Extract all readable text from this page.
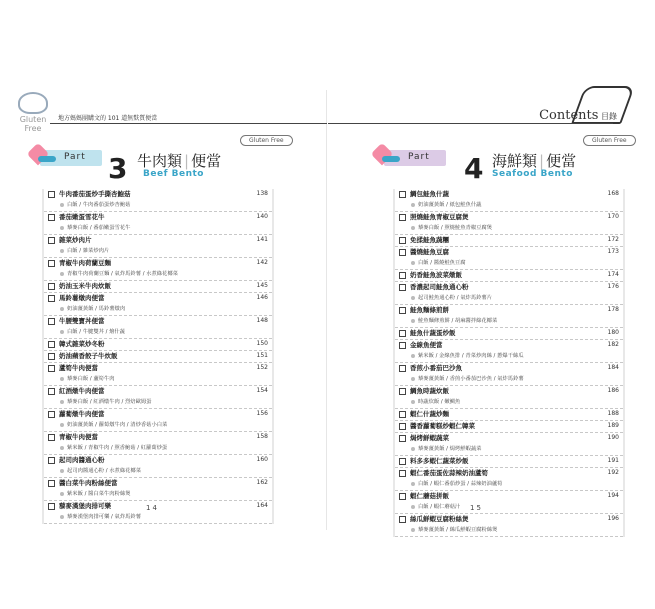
Gluten Free
地方媽媽團購文的 101 道無麩質便當
Gluten Free
Part 3 牛肉類 | 便當
Beef Bento
牛肉番茄蛋炒手撕杏鮑菇	138
白飯 / 牛肉番茄蛋炒杏鮑菇
番茄嫩蛋雪花牛	140
藜麥白飯 / 番茄嫩蛋雪花牛
雜菜炒肉片	141
白飯 / 雜菜炒肉片
青椒牛肉荷蘭豆麵	142
青椒牛肉荷蘭豆麵 / 氣炸馬鈴薯 / 水煮綠花椰菜
奶油玉米牛肉炊飯	145
馬鈴薯燉肉便當	146
奶油薑黃飯 / 馬鈴薯燉肉
牛腰雙寶丼便當	148
白飯 / 牛腱雙丼 / 燴什蔬
韓式雜菜炒冬粉	150
奶油蘋香餃子牛炊飯	151
蘆筍牛肉便當	152
藜麥白飯 / 蘆筍牛肉
紅酒燉牛肉便當	154
藜麥白飯 / 紅酒燉牛肉 / 烈焙歐姆蛋
蘿蔔燉牛肉便當	156
奶油薑黃飯 / 蘿蔔燉牛肉 / 清炒香菇小白菜
青椒牛肉便當	158
紫米飯 / 青椒牛肉 / 照香鮑菇 / 紅蘿蔔炒蛋
起司肉醬通心粉	160
起司肉醬通心粉 / 水煮綠花椰菜
醬白菜牛肉粉絲便當	162
紫米飯 / 醬白菜牛肉粉絲煲
藜麥漢堡肉排可樂	164
藜麥漢堡肉排可樂 / 氣炸馬鈴薯
14
Contents 目錄
Gluten Free
Part 4 海鮮類 | 便當
Seafood Bento
鯛包鮭魚什蔬	168
奶油薑黃飯 / 紙包鮭魚什蔬
照燒鮭魚青椒豆腐煲	170
藜麥白飯 / 照燒鮭魚青椒豆腐煲
免揉鮭魚蔬糰	172
醬燒鮭魚豆腐	173
白飯 / 醬燒鮭魚豆腐
奶香鮭魚波菜燉飯	174
香濃起司鮭魚通心粉	176
起司鮭魚通心粉 / 氣炸馬鈴薯片
鮭魚麵條煎餅	178
鮭魚麵條煎餅 / 胡麻醬拌綠花椰菜
鮭魚什蔬蛋炒飯	180
金線魚便當	182
紫米飯 / 金線魚排 / 青菜炒肉絲 / 蔥爆干絲瓜
香煎小番茄巴沙魚	184
藜麥薑黃飯 / 香煎小番茄巴沙魚 / 氣炸馬鈴薯
鯛魚時蔬炊飯	186
時蔬炊飯 / 嫩鯛魚
蝦仁什蔬炒麵	188
醬香蘿蔔糕炒蝦仁韓菜	189
焗烤鮮蝦蔬菜	190
藜麥薑黃飯 / 焗烤鮮蝦蔬菜
料多多蝦仁蔬菜炒飯	191
蝦仁番茄蛋佐蒜辣奶油蘆筍	192
白飯 / 蝦仁番茄炒蛋 / 蒜辣奶油蘆筍
蝦仁蘑菇拼飯	194
白飯 / 蝦仁蘑菇汁
絲瓜鮮蝦豆腐粉絲煲	196
藜麥薑黃飯 / 絲瓜鮮蝦豆腐粉絲煲
15
